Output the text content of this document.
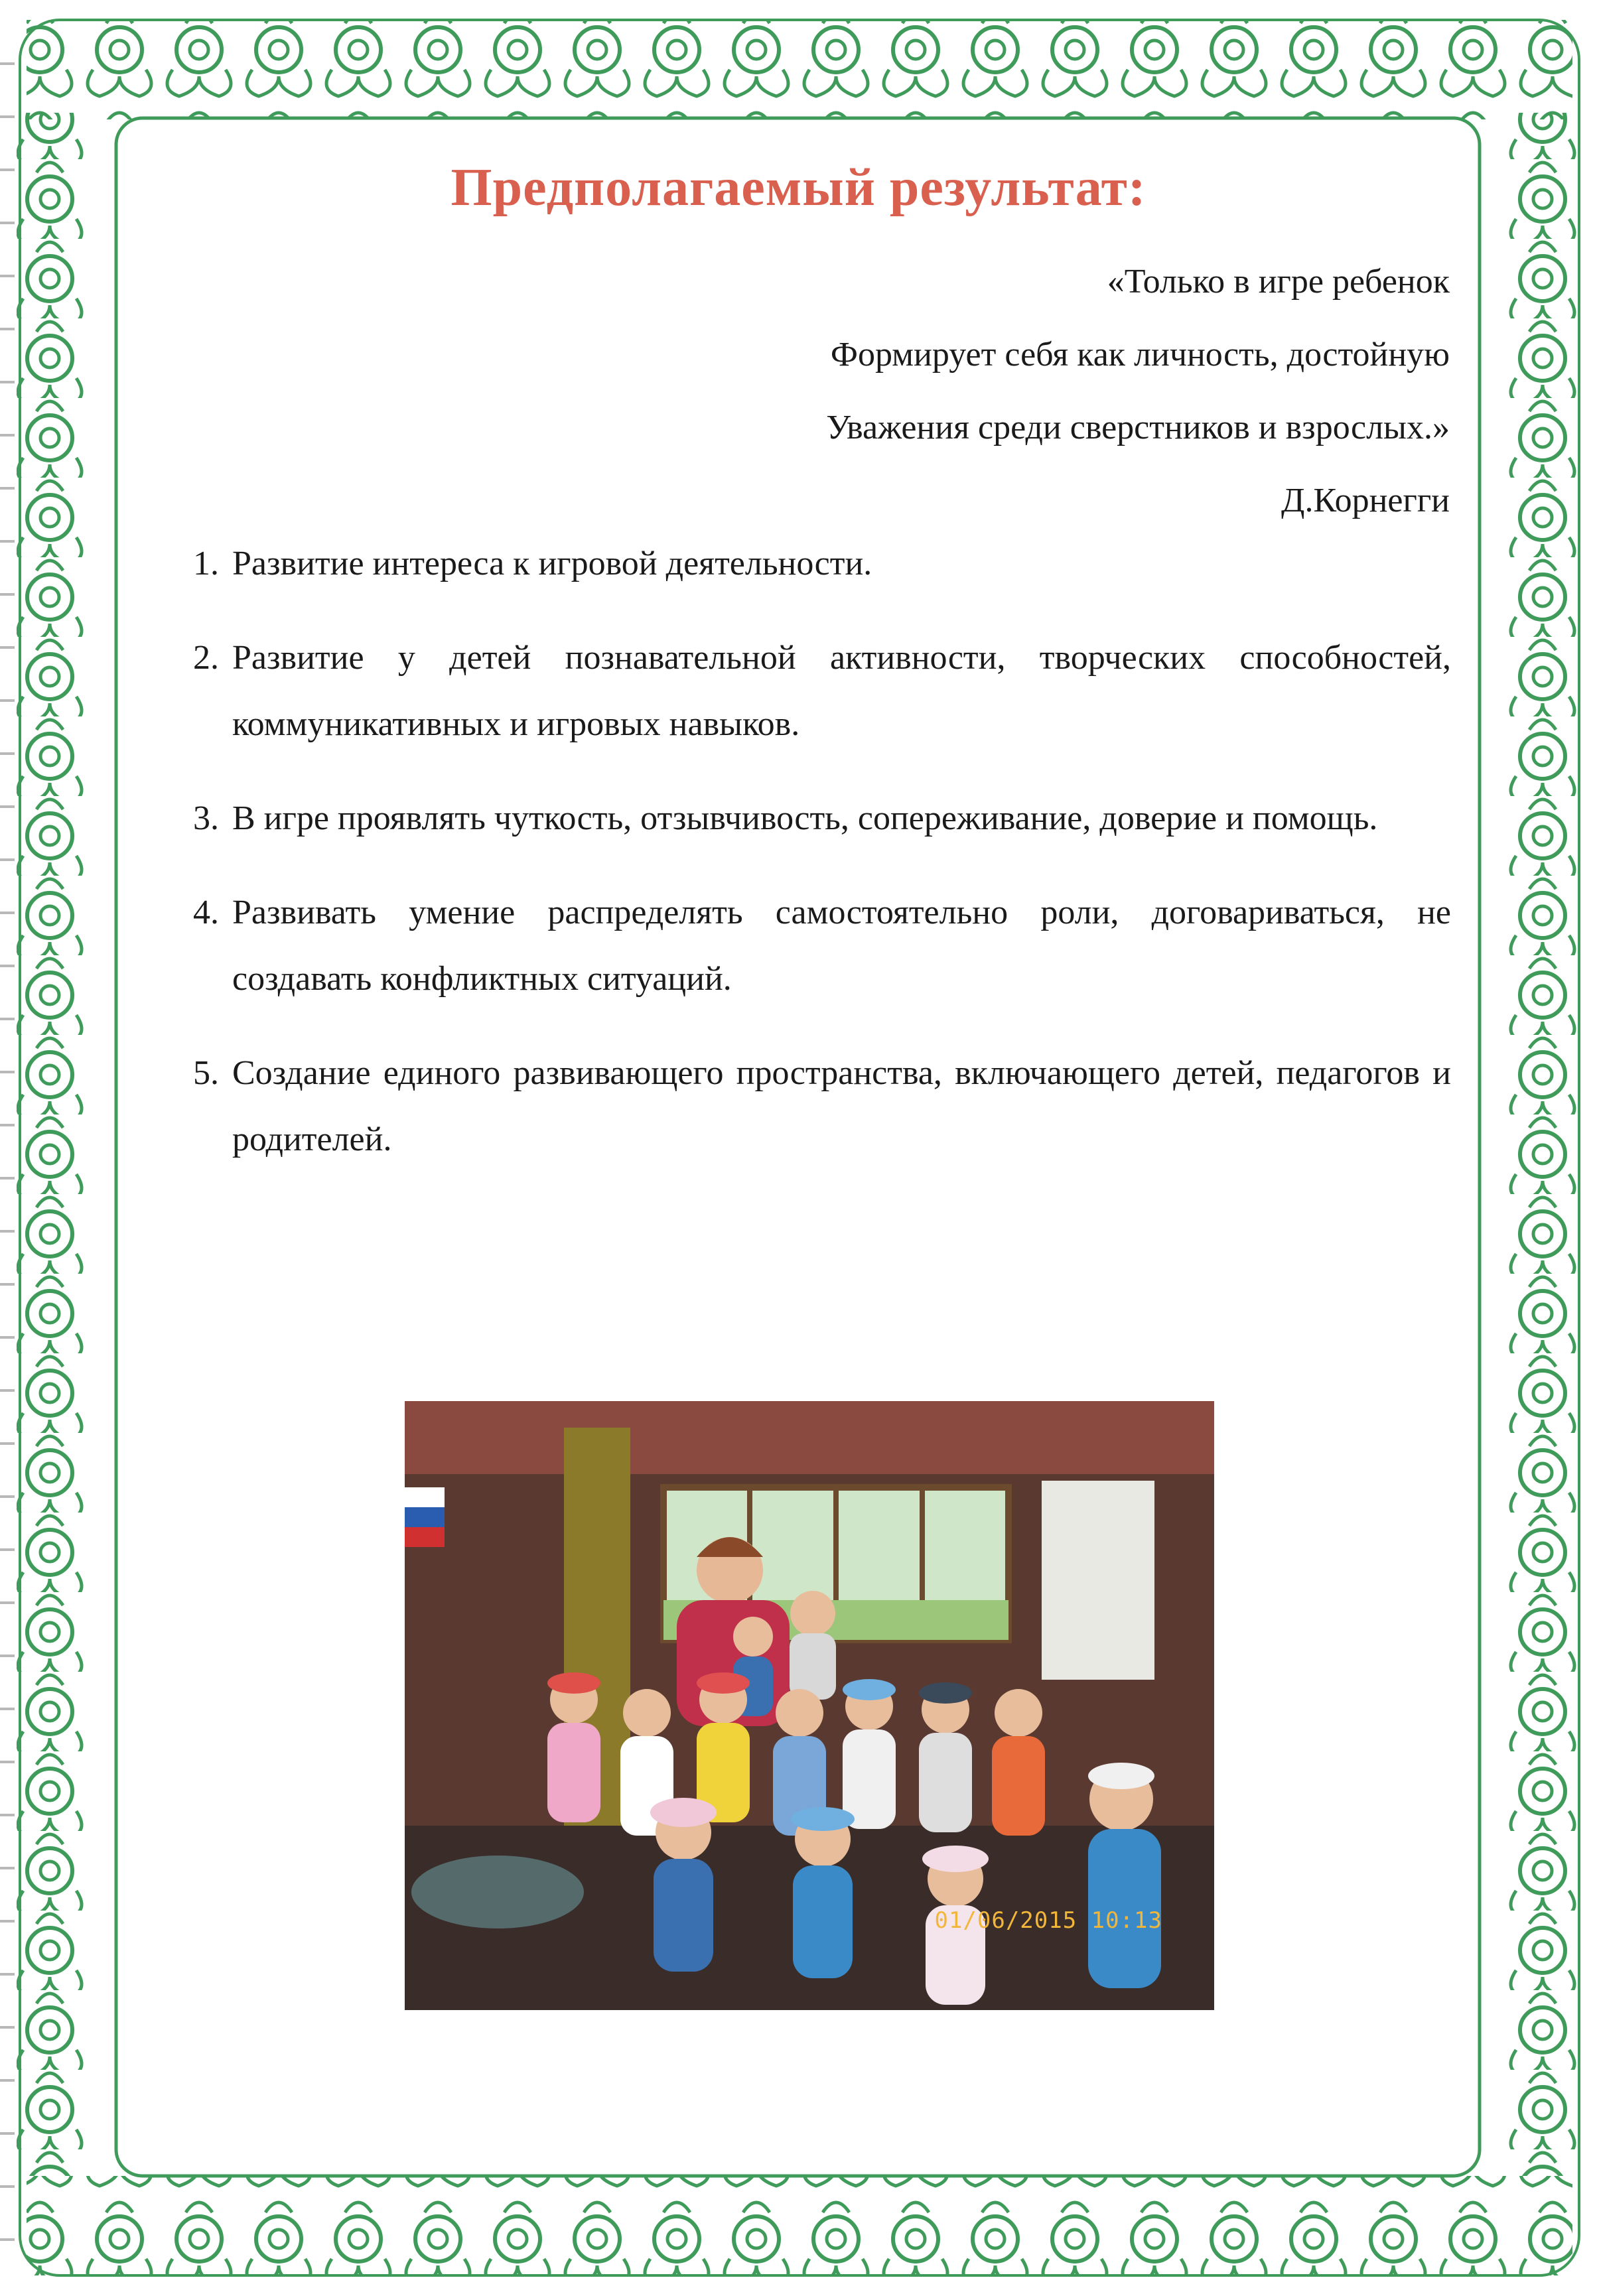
Предполагаемый результат:
«Только в игре ребенок
Формирует себя как личность, достойную
Уважения среди сверстников и взрослых.»
Д.Корнегги
1. Развитие интереса к игровой деятельности.
2. Развитие у детей познавательной активности, творческих способностей, коммуникативных и игровых навыков.
3. В игре проявлять чуткость, отзывчивость, сопереживание, доверие и помощь.
4. Развивать умение распределять самостоятельно роли, договариваться, не создавать конфликтных ситуаций.
5. Создание единого развивающего пространства, включающего детей, педагогов и родителей.
01/06/2015 10:13
